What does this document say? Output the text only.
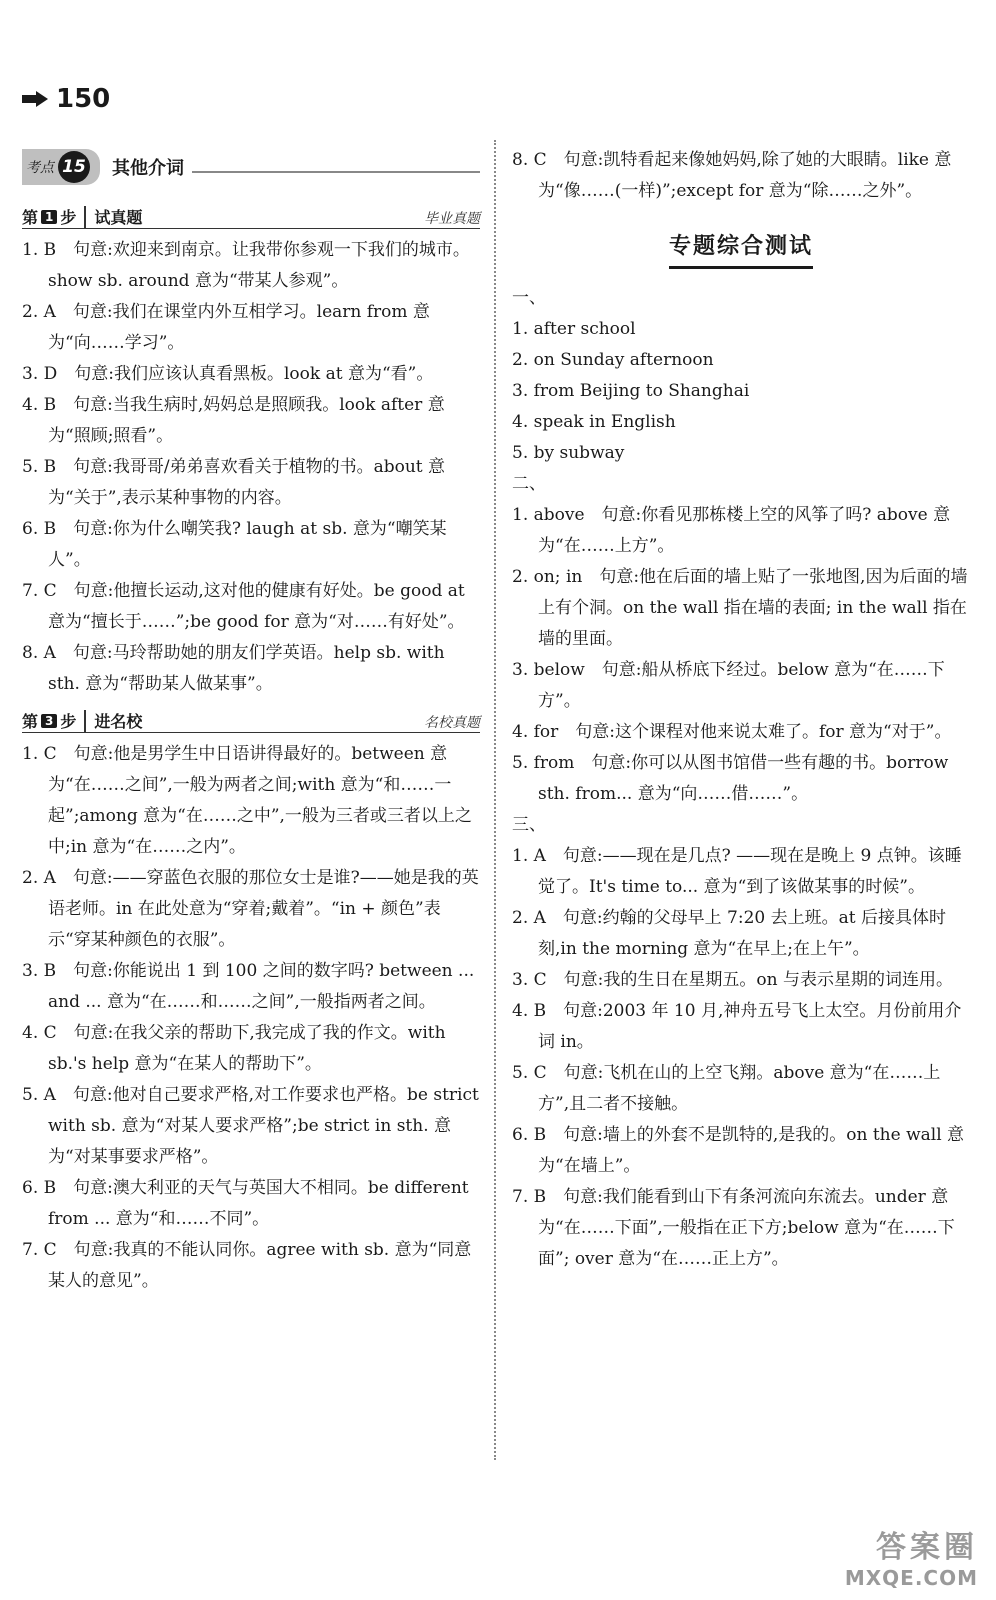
150
考点 15 其他介词
第 1 步 试真题	毕业真题

1. B　句意:欢迎来到南京。让我带你参观一下我们的城市。show sb. around 意为“带某人参观”。

2. A　句意:我们在课堂内外互相学习。learn from 意为“向……学习”。

3. D　句意:我们应该认真看黑板。look at 意为“看”。

4. B　句意:当我生病时,妈妈总是照顾我。look after 意为“照顾;照看”。

5. B　句意:我哥哥/弟弟喜欢看关于植物的书。about 意为“关于”,表示某种事物的内容。

6. B　句意:你为什么嘲笑我? laugh at sb. 意为“嘲笑某人”。

7. C　句意:他擅长运动,这对他的健康有好处。be good at 意为“擅长于……”;be good for 意为“对……有好处”。

8. A　句意:马玲帮助她的朋友们学英语。help sb. with sth. 意为“帮助某人做某事”。

第 3 步 进名校	名校真题

1. C　句意:他是男学生中日语讲得最好的。between 意为“在……之间”,一般为两者之间;with 意为“和……一起”;among 意为“在……之中”,一般为三者或三者以上之中;in 意为“在……之内”。

2. A　句意:——穿蓝色衣服的那位女士是谁?——她是我的英语老师。in 在此处意为“穿着;戴着”。“in + 颜色”表示“穿某种颜色的衣服”。

3. B　句意:你能说出 1 到 100 之间的数字吗? between ... and ... 意为“在……和……之间”,一般指两者之间。

4. C　句意:在我父亲的帮助下,我完成了我的作文。with sb.'s help 意为“在某人的帮助下”。

5. A　句意:他对自己要求严格,对工作要求也严格。be strict with sb. 意为“对某人要求严格”;be strict in sth. 意为“对某事要求严格”。

6. B　句意:澳大利亚的天气与英国大不相同。be different from ... 意为“和……不同”。

7. C　句意:我真的不能认同你。agree with sb. 意为“同意某人的意见”。

8. C　句意:凯特看起来像她妈妈,除了她的大眼睛。like 意为“像……(一样)”;except for 意为“除……之外”。

专题综合测试
一、

1. after school

2. on Sunday afternoon

3. from Beijing to Shanghai

4. speak in English

5. by subway

二、

1. above　句意:你看见那栋楼上空的风筝了吗? above 意为“在……上方”。

2. on; in　句意:他在后面的墙上贴了一张地图,因为后面的墙上有个洞。on the wall 指在墙的表面; in the wall 指在墙的里面。

3. below　句意:船从桥底下经过。below 意为“在……下方”。

4. for　句意:这个课程对他来说太难了。for 意为“对于”。

5. from　句意:你可以从图书馆借一些有趣的书。borrow sth. from... 意为“向……借……”。

三、

1. A　句意:——现在是几点? ——现在是晚上 9 点钟。该睡觉了。It's time to... 意为“到了该做某事的时候”。

2. A　句意:约翰的父母早上 7:20 去上班。at 后接具体时刻,in the morning 意为“在早上;在上午”。

3. C　句意:我的生日在星期五。on 与表示星期的词连用。

4. B　句意:2003 年 10 月,神舟五号飞上太空。月份前用介词 in。

5. C　句意:飞机在山的上空飞翔。above 意为“在……上方”,且二者不接触。

6. B　句意:墙上的外套不是凯特的,是我的。on the wall 意为“在墙上”。

7. B　句意:我们能看到山下有条河流向东流去。under 意为“在……下面”,一般指在正下方;below 意为“在……下面”; over 意为“在……正上方”。

答案圈
MXQE.COM
